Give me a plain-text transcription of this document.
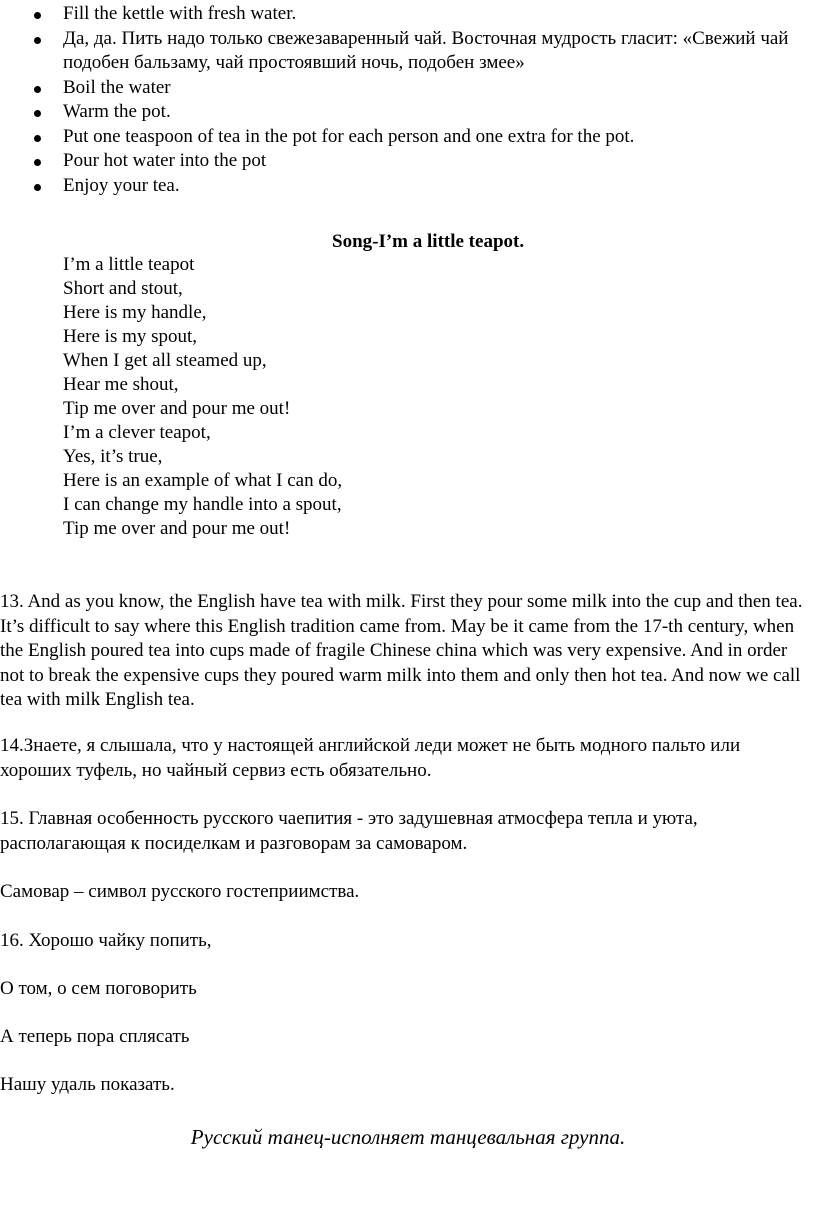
Fill the kettle with fresh water.
Да, да. Пить надо только свежезаваренный чай. Восточная мудрость гласит: «Свежий чай подобен бальзаму, чай простоявший ночь, подобен змее»
Boil the water
Warm the pot.
Put one teaspoon of tea in the pot for each person and one extra for the pot.
Pour hot water into the pot
Enjoy your tea.
Song-I’m a little teapot.
I’m a little teapot
Short and stout,
Here is my handle,
Here is my spout,
When I get all steamed up,
Hear me shout,
Tip me over and pour me out!
I’m a clever teapot,
Yes, it’s true,
Here is an example of what I can do,
I can change my handle into a spout,
Tip me over and pour me out!

13. And as you know, the English have tea with milk. First they pour some milk into the cup and then tea. It’s difficult to say where this English tradition came from. May be it came from the 17-th century, when the English poured tea into cups made of fragile Chinese china which was very expensive. And in order not to break the expensive cups they poured warm milk into them and only then hot tea. And now we call tea with milk English tea.

14.Знаете, я слышала, что у настоящей английской леди может не быть модного пальто или хороших туфель, но чайный сервиз есть обязательно.

15. Главная особенность русского чаепития - это задушевная атмосфера тепла и уюта, располагающая к посиделкам и разговорам за самоваром.

Самовар – символ русского гостеприимства.

16. Хорошо чайку попить,

О том, о сем поговорить

А теперь пора сплясать

Нашу удаль показать.

Русский танец-исполняет танцевальная группа.
